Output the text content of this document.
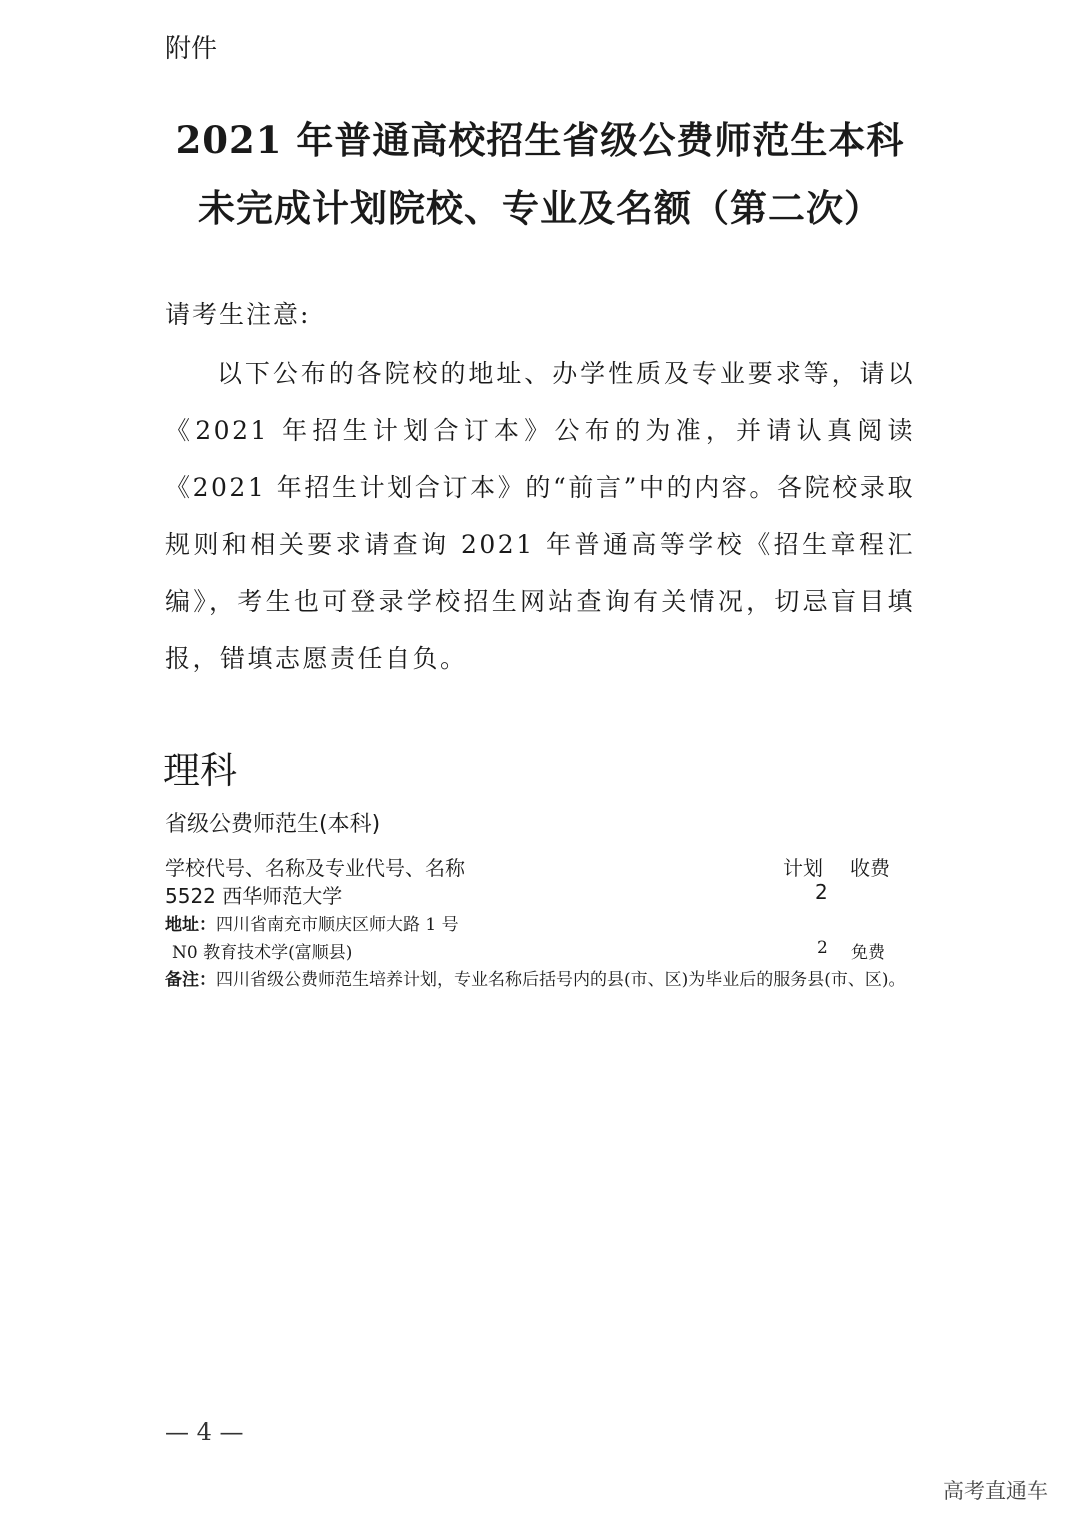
附件
2021 年普通高校招生省级公费师范生本科
未完成计划院校、专业及名额（第二次）
请考生注意:
以下公布的各院校的地址、办学性质及专业要求等，请以《2021 年招生计划合订本》公布的为准，并请认真阅读《2021 年招生计划合订本》的“前言”中的内容。各院校录取规则和相关要求请查询 2021 年普通高等学校《招生章程汇编》，考生也可登录学校招生网站查询有关情况，切忌盲目填报，错填志愿责任自负。
理科
省级公费师范生(本科)
学校代号、名称及专业代号、名称	计划 收费
5522 西华师范大学	2
地址：四川省南充市顺庆区师大路 1 号
N0 教育技术学(富顺县)	2 免费
备注：四川省级公费师范生培养计划，专业名称后括号内的县(市、区)为毕业后的服务县(市、区)。
— 4 —
高考直通车
